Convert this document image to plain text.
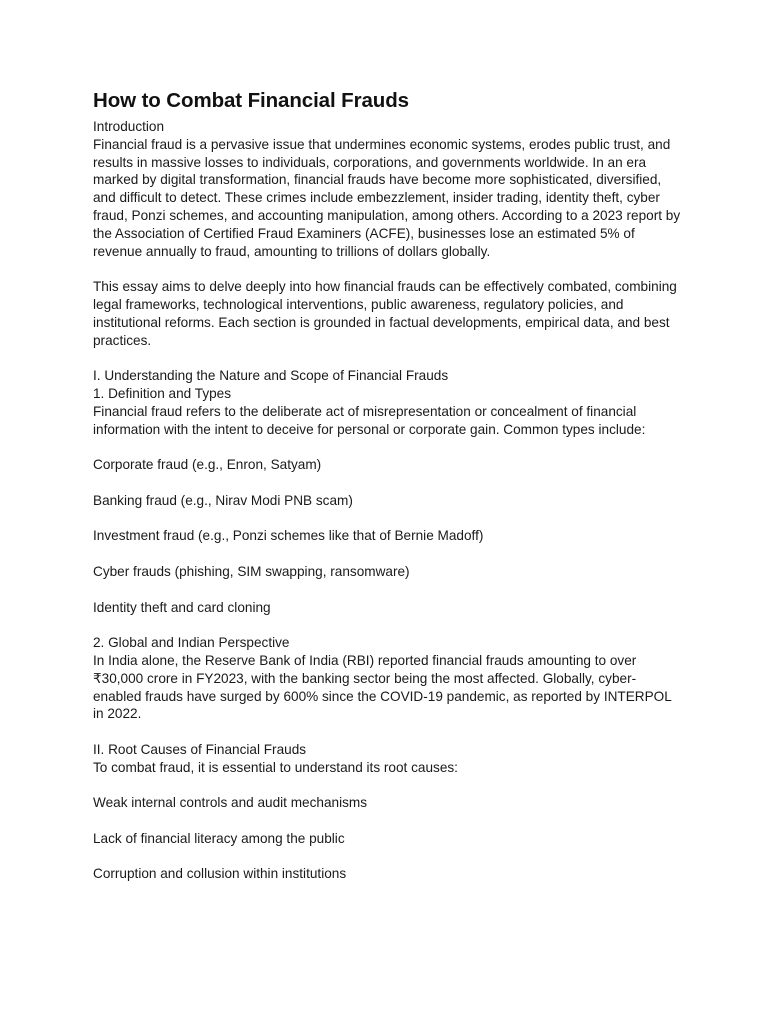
How to Combat Financial Frauds

Introduction

Financial fraud is a pervasive issue that undermines economic systems, erodes public trust, and results in massive losses to individuals, corporations, and governments worldwide. In an era marked by digital transformation, financial frauds have become more sophisticated, diversified, and difficult to detect. These crimes include embezzlement, insider trading, identity theft, cyber fraud, Ponzi schemes, and accounting manipulation, among others. According to a 2023 report by the Association of Certified Fraud Examiners (ACFE), businesses lose an estimated 5% of revenue annually to fraud, amounting to trillions of dollars globally.

This essay aims to delve deeply into how financial frauds can be effectively combated, combining legal frameworks, technological interventions, public awareness, regulatory policies, and institutional reforms. Each section is grounded in factual developments, empirical data, and best practices.

I. Understanding the Nature and Scope of Financial Frauds

1. Definition and Types

Financial fraud refers to the deliberate act of misrepresentation or concealment of financial information with the intent to deceive for personal or corporate gain. Common types include:

Corporate fraud (e.g., Enron, Satyam)

Banking fraud (e.g., Nirav Modi PNB scam)

Investment fraud (e.g., Ponzi schemes like that of Bernie Madoff)

Cyber frauds (phishing, SIM swapping, ransomware)

Identity theft and card cloning

2. Global and Indian Perspective

In India alone, the Reserve Bank of India (RBI) reported financial frauds amounting to over ₹30,000 crore in FY2023, with the banking sector being the most affected. Globally, cyber-enabled frauds have surged by 600% since the COVID-19 pandemic, as reported by INTERPOL in 2022.

II. Root Causes of Financial Frauds

To combat fraud, it is essential to understand its root causes:

Weak internal controls and audit mechanisms

Lack of financial literacy among the public

Corruption and collusion within institutions
